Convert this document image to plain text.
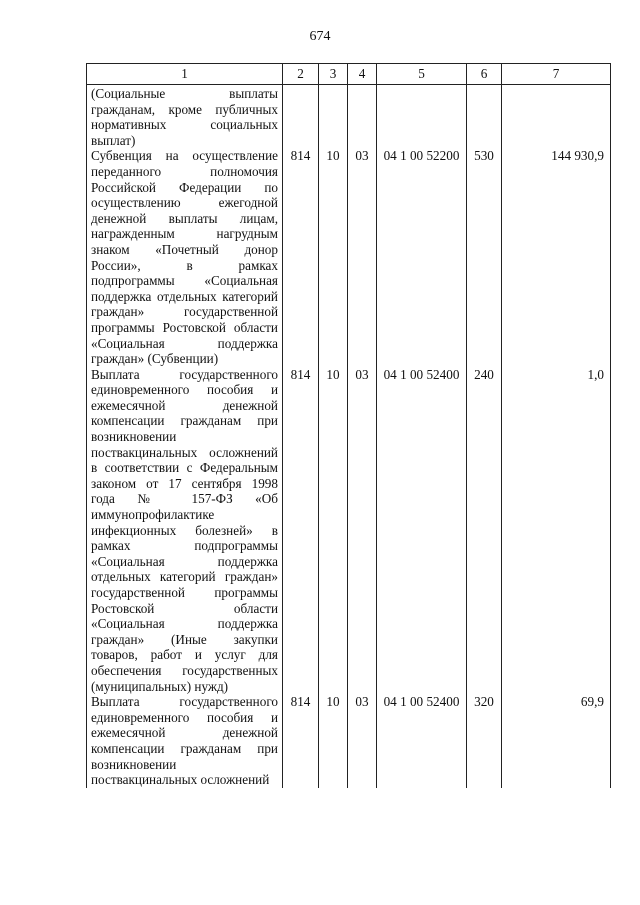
674
1	2	3	4	5	6	7
(Социальные выплаты гражданам, кроме публичных нормативных социальных выплат)						
Субвенция на осуществление переданного полномочия Российской Федерации по осуществлению ежегодной денежной выплаты лицам, награжденным нагрудным знаком «Почетный донор России», в рамках подпрограммы «Социальная поддержка отдельных категорий граждан» государственной программы Ростовской области «Социальная поддержка граждан» (Субвенции)	814	10	03	04 1 00 52200	530	144 930,9
Выплата государственного единовременного пособия и ежемесячной денежной компенсации гражданам при возникновении поствакцинальных осложнений в соответствии с Федеральным законом от 17 сентября 1998 года № 157-ФЗ «Об иммунопрофилактике инфекционных болезней» в рамках подпрограммы «Социальная поддержка отдельных категорий граждан» государственной программы Ростовской области «Социальная поддержка граждан» (Иные закупки товаров, работ и услуг для обеспечения государственных (муниципальных) нужд)	814	10	03	04 1 00 52400	240	1,0
Выплата государственного единовременного пособия и ежемесячной денежной компенсации гражданам при возникновении поствакцинальных осложнений	814	10	03	04 1 00 52400	320	69,9
